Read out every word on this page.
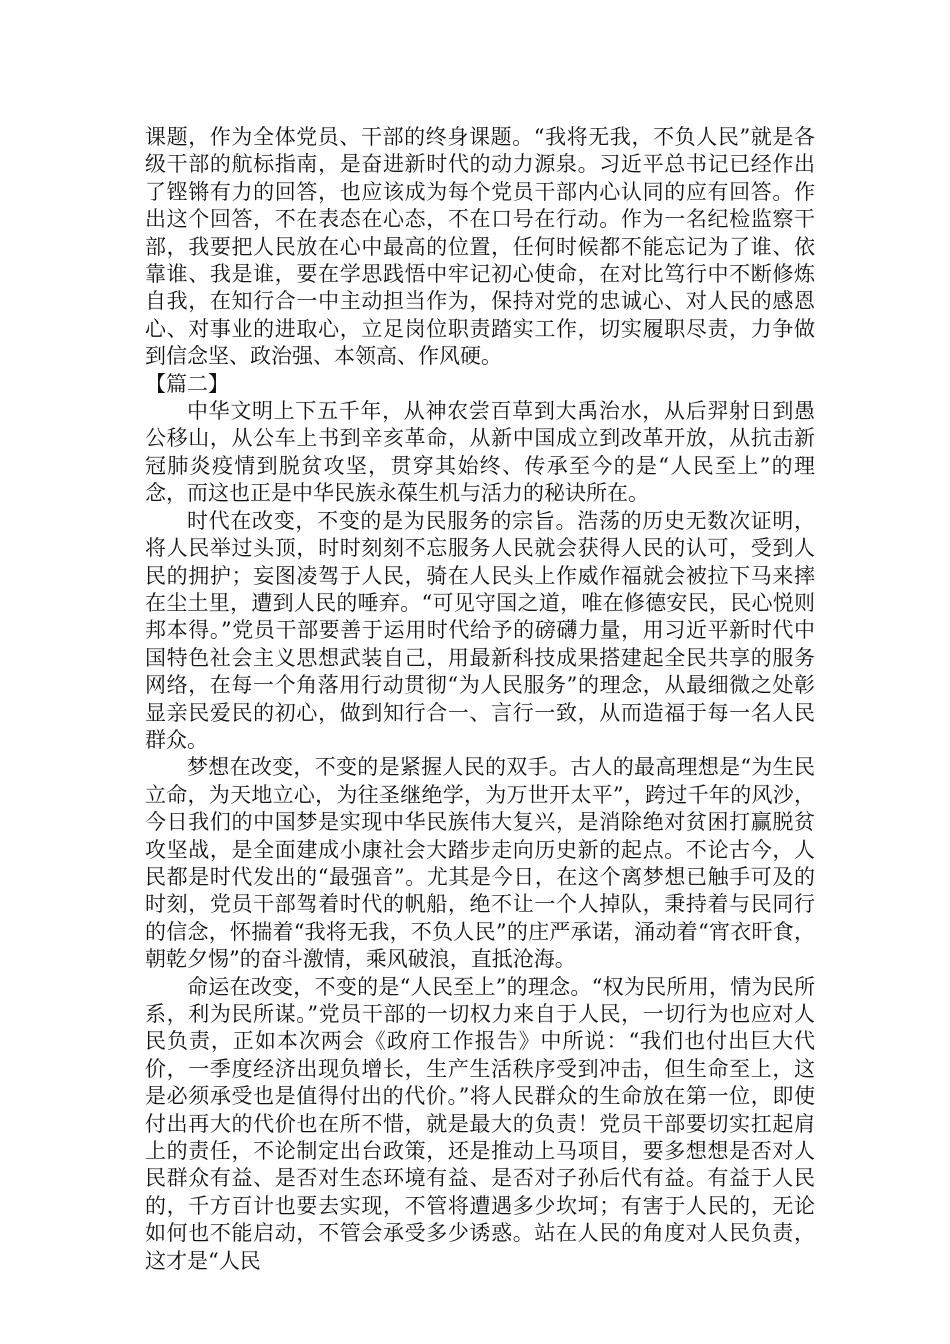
课题，作为全体党员、干部的终身课题。“我将无我，不负人民”就是各级干部的航标指南，是奋进新时代的动力源泉。习近平总书记已经作出了铿锵有力的回答，也应该成为每个党员干部内心认同的应有回答。作出这个回答，不在表态在心态，不在口号在行动。作为一名纪检监察干部，我要把人民放在心中最高的位置，任何时候都不能忘记为了谁、依靠谁、我是谁，要在学思践悟中牢记初心使命，在对比笃行中不断修炼自我，在知行合一中主动担当作为，保持对党的忠诚心、对人民的感恩心、对事业的进取心，立足岗位职责踏实工作，切实履职尽责，力争做到信念坚、政治强、本领高、作风硬。

【篇二】

中华文明上下五千年，从神农尝百草到大禹治水，从后羿射日到愚公移山，从公车上书到辛亥革命，从新中国成立到改革开放，从抗击新冠肺炎疫情到脱贫攻坚，贯穿其始终、传承至今的是“人民至上”的理念，而这也正是中华民族永葆生机与活力的秘诀所在。

时代在改变，不变的是为民服务的宗旨。浩荡的历史无数次证明，将人民举过头顶，时时刻刻不忘服务人民就会获得人民的认可，受到人民的拥护；妄图凌驾于人民，骑在人民头上作威作福就会被拉下马来摔在尘土里，遭到人民的唾弃。“可见守国之道，唯在修德安民，民心悦则邦本得。”党员干部要善于运用时代给予的磅礴力量，用习近平新时代中国特色社会主义思想武装自己，用最新科技成果搭建起全民共享的服务网络，在每一个角落用行动贯彻“为人民服务”的理念，从最细微之处彰显亲民爱民的初心，做到知行合一、言行一致，从而造福于每一名人民群众。

梦想在改变，不变的是紧握人民的双手。古人的最高理想是“为生民立命，为天地立心，为往圣继绝学，为万世开太平”，跨过千年的风沙，今日我们的中国梦是实现中华民族伟大复兴，是消除绝对贫困打赢脱贫攻坚战，是全面建成小康社会大踏步走向历史新的起点。不论古今，人民都是时代发出的“最强音”。尤其是今日，在这个离梦想已触手可及的时刻，党员干部驾着时代的帆船，绝不让一个人掉队，秉持着与民同行的信念，怀揣着“我将无我，不负人民”的庄严承诺，涌动着“宵衣旰食，朝乾夕惕”的奋斗激情，乘风破浪，直抵沧海。

命运在改变，不变的是“人民至上”的理念。“权为民所用，情为民所系，利为民所谋。”党员干部的一切权力来自于人民，一切行为也应对人民负责，正如本次两会《政府工作报告》中所说：“我们也付出巨大代价，一季度经济出现负增长，生产生活秩序受到冲击，但生命至上，这是必须承受也是值得付出的代价。”将人民群众的生命放在第一位，即使付出再大的代价也在所不惜，就是最大的负责！党员干部要切实扛起肩上的责任，不论制定出台政策，还是推动上马项目，要多想想是否对人民群众有益、是否对生态环境有益、是否对子孙后代有益。有益于人民的，千方百计也要去实现，不管将遭遇多少坎坷；有害于人民的，无论如何也不能启动，不管会承受多少诱惑。站在人民的角度对人民负责，这才是“人民
